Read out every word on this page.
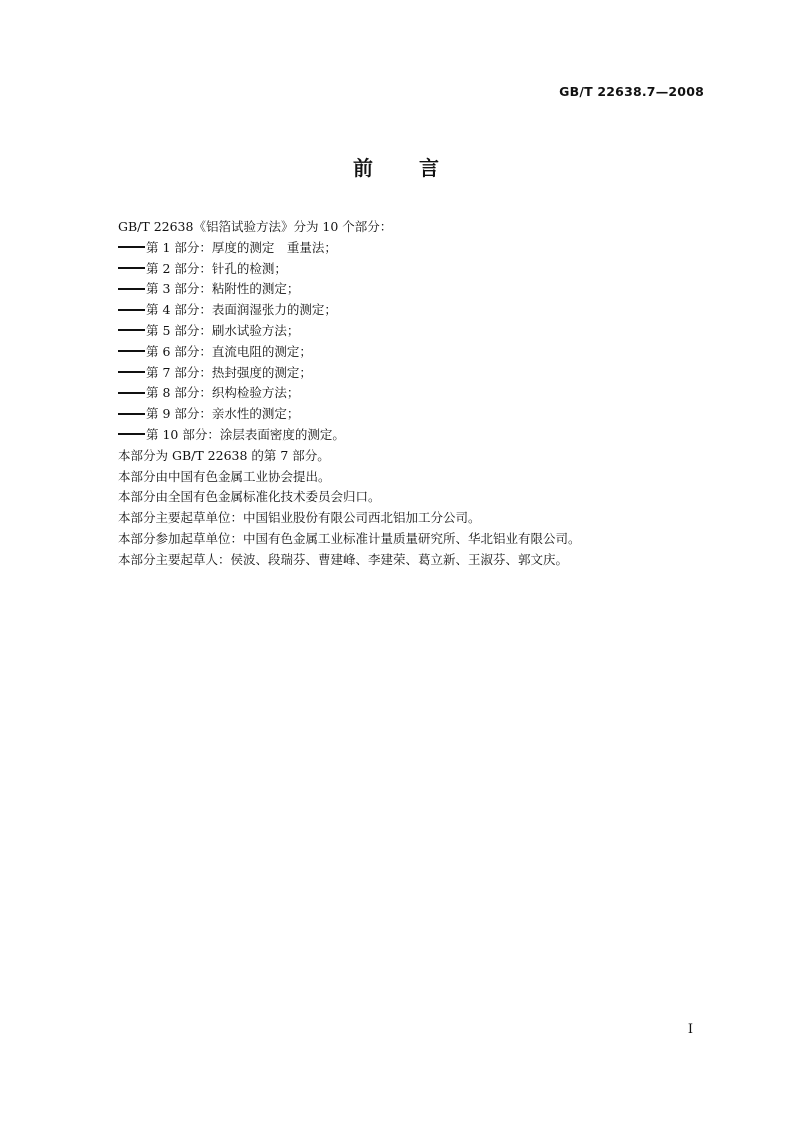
GB/T 22638.7—2008
前　　言
GB/T 22638《铝箔试验方法》分为 10 个部分：
第 1 部分：厚度的测定　重量法；
第 2 部分：针孔的检测；
第 3 部分：粘附性的测定；
第 4 部分：表面润湿张力的测定；
第 5 部分：刷水试验方法；
第 6 部分：直流电阻的测定；
第 7 部分：热封强度的测定；
第 8 部分：织构检验方法；
第 9 部分：亲水性的测定；
第 10 部分：涂层表面密度的测定。
本部分为 GB/T 22638 的第 7 部分。
本部分由中国有色金属工业协会提出。
本部分由全国有色金属标准化技术委员会归口。
本部分主要起草单位：中国铝业股份有限公司西北铝加工分公司。
本部分参加起草单位：中国有色金属工业标准计量质量研究所、华北铝业有限公司。
本部分主要起草人：侯波、段瑞芬、曹建峰、李建荣、葛立新、王淑芬、郭文庆。
I
